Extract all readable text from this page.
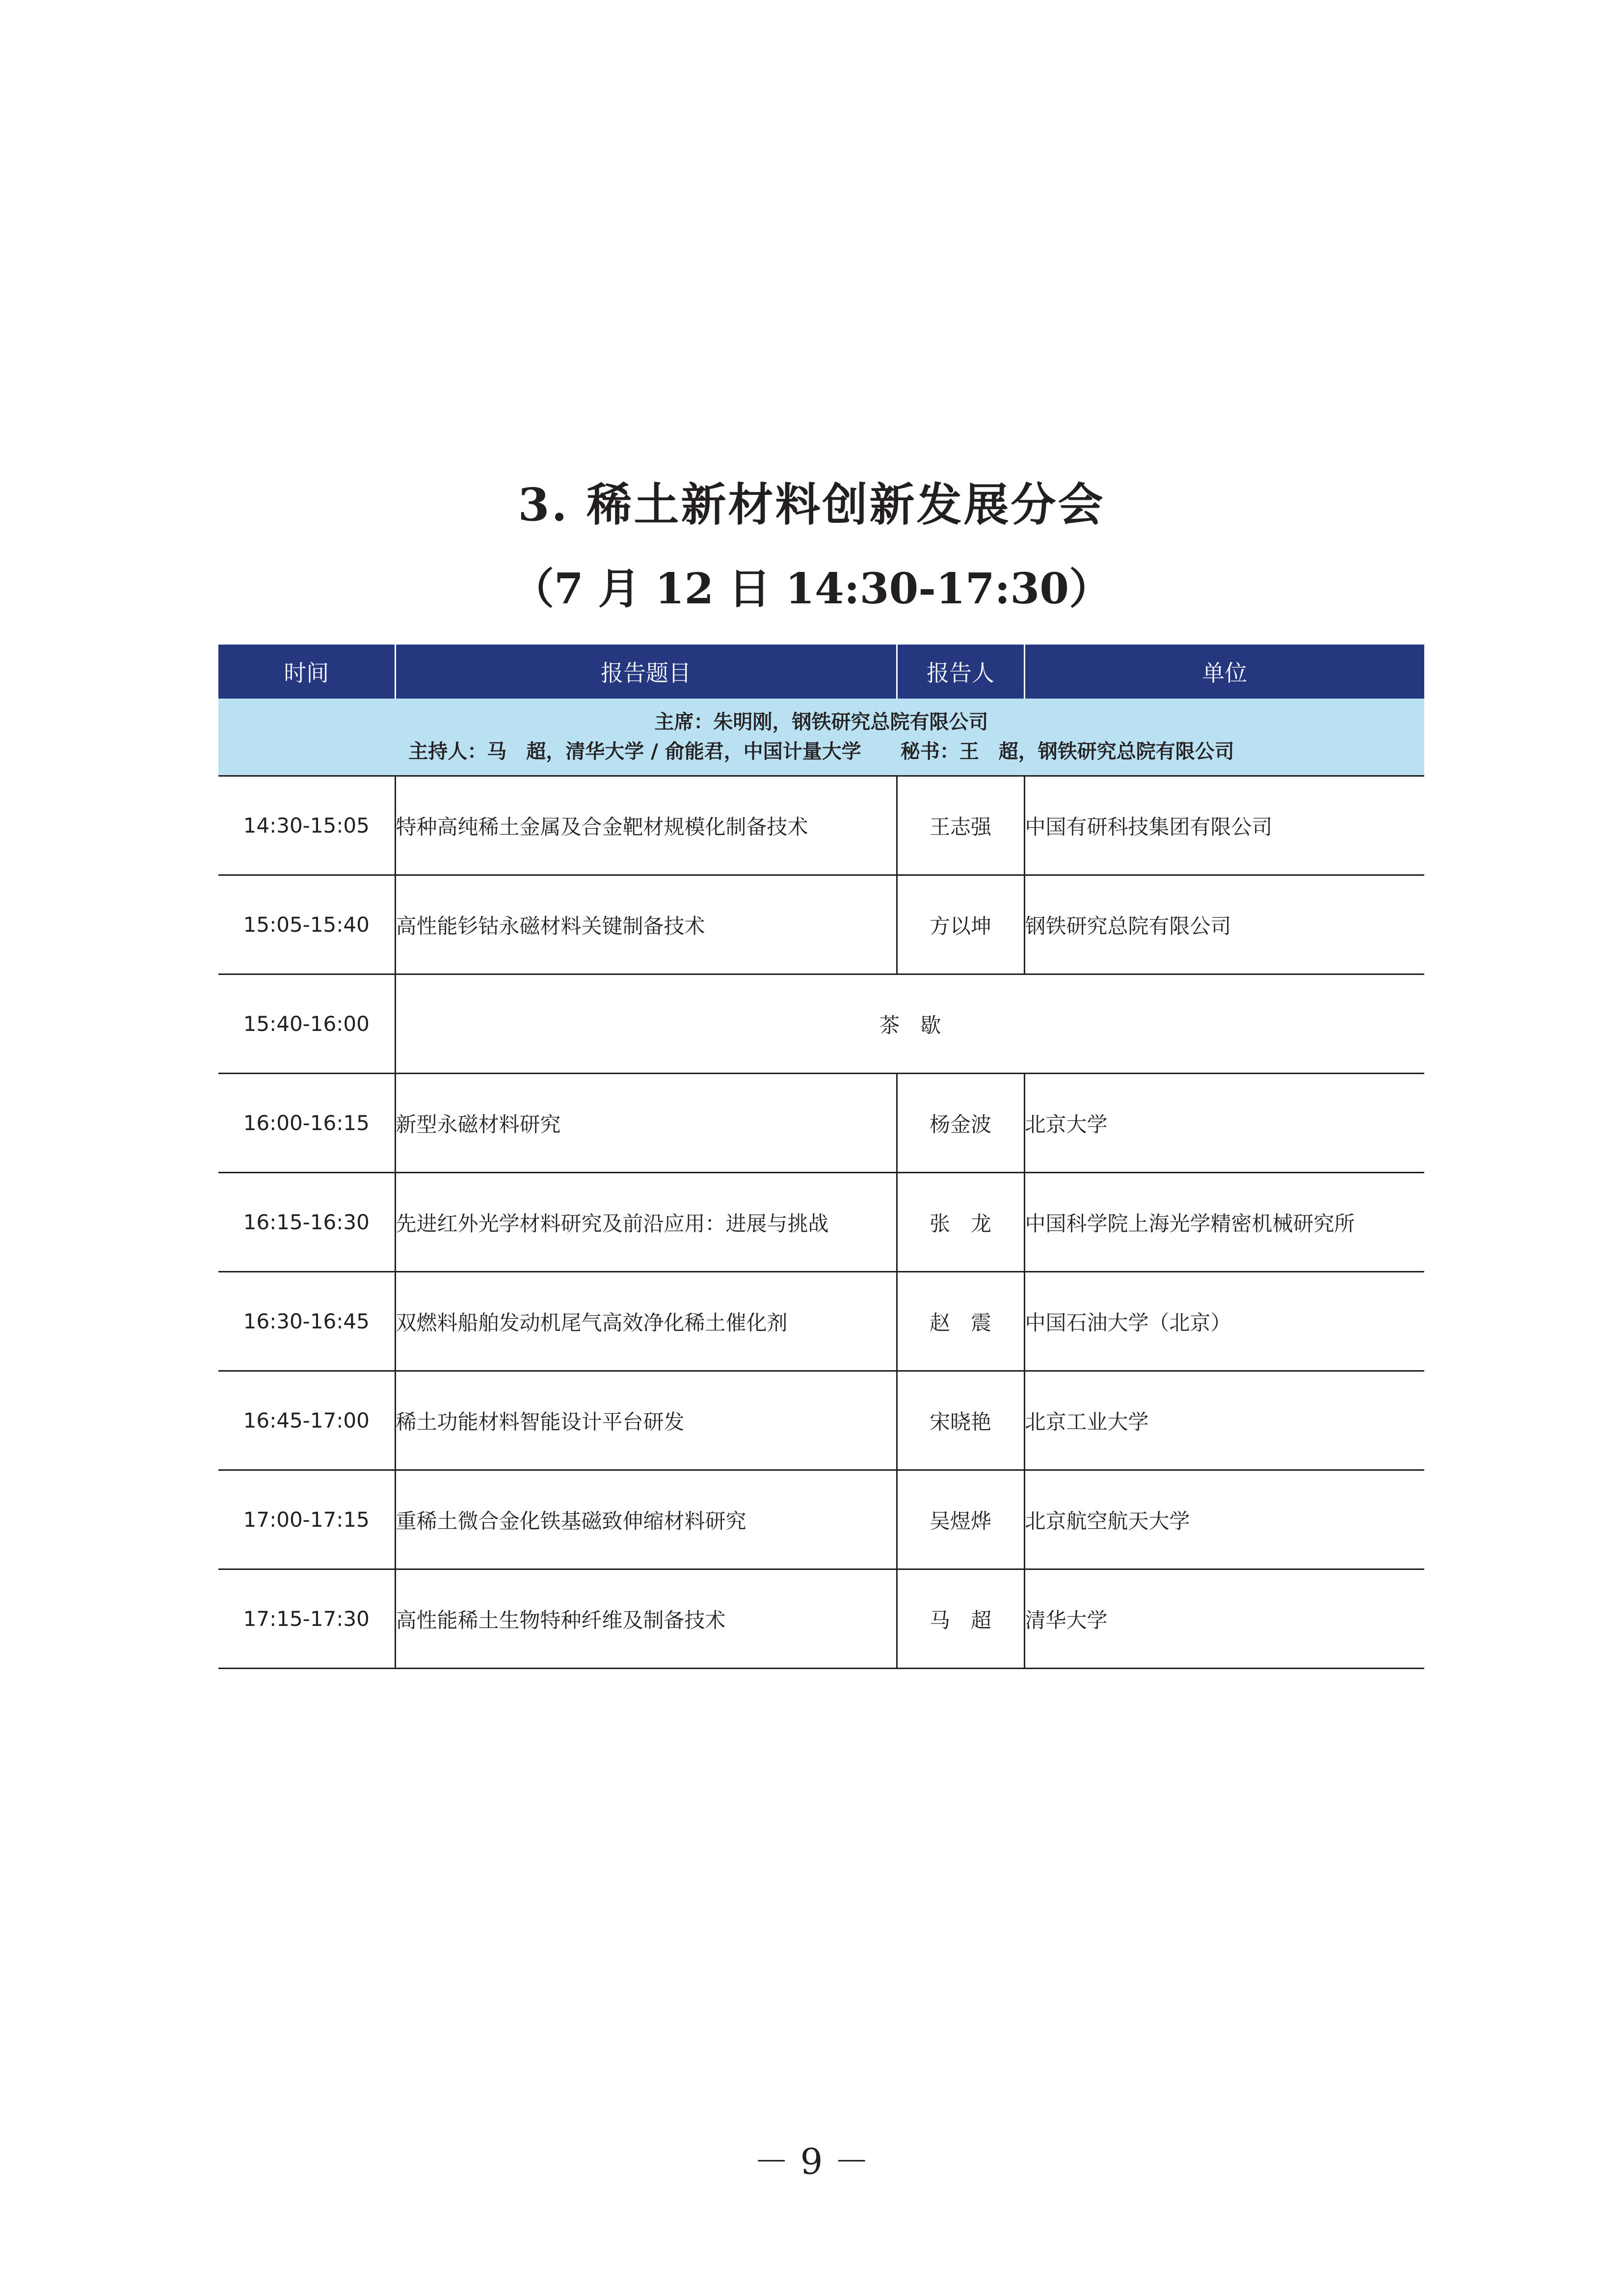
3. 稀土新材料创新发展分会
（7 月 12 日 14:30-17:30）
时间	报告题目	报告人	单位

主席：朱明刚，钢铁研究总院有限公司
主持人：马　超，清华大学 / 俞能君，中国计量大学　　秘书：王　超，钢铁研究总院有限公司			

14:30-15:05	特种高纯稀土金属及合金靶材规模化制备技术	王志强	中国有研科技集团有限公司
15:05-15:40	高性能钐钴永磁材料关键制备技术	方以坤	钢铁研究总院有限公司
15:40-16:00	茶　歇		
16:00-16:15	新型永磁材料研究	杨金波	北京大学
16:15-16:30	先进红外光学材料研究及前沿应用：进展与挑战	张　龙	中国科学院上海光学精密机械研究所
16:30-16:45	双燃料船舶发动机尾气高效净化稀土催化剂	赵　震	中国石油大学（北京）
16:45-17:00	稀土功能材料智能设计平台研发	宋晓艳	北京工业大学
17:00-17:15	重稀土微合金化铁基磁致伸缩材料研究	吴煜烨	北京航空航天大学
17:15-17:30	高性能稀土生物特种纤维及制备技术	马　超	清华大学
－ 9 －
